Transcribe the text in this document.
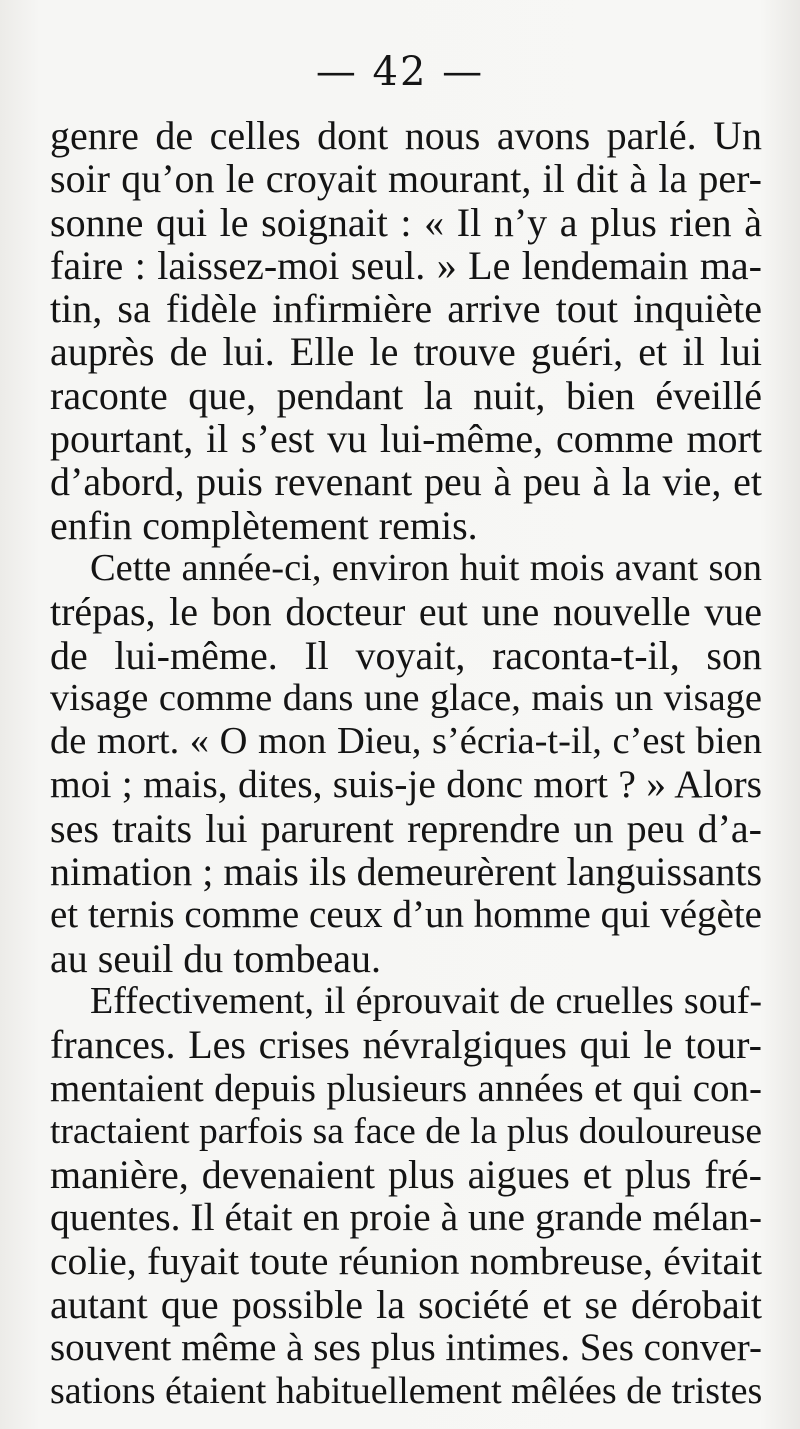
— 42 —
genre de celles dont nous avons parlé. Un
soir qu’on le croyait mourant, il dit à la per-
sonne qui le soignait : « Il n’y a plus rien à
faire : laissez-moi seul. » Le lendemain ma-
tin, sa fidèle infirmière arrive tout inquiète
auprès de lui. Elle le trouve guéri, et il lui
raconte que, pendant la nuit, bien éveillé
pourtant, il s’est vu lui-même, comme mort
d’abord, puis revenant peu à peu à la vie, et
enfin complètement remis.
Cette année-ci, environ huit mois avant son
trépas, le bon docteur eut une nouvelle vue
de lui-même. Il voyait, raconta-t-il, son
visage comme dans une glace, mais un visage
de mort. « O mon Dieu, s’écria-t-il, c’est bien
moi ; mais, dites, suis-je donc mort ? » Alors
ses traits lui parurent reprendre un peu d’a-
nimation ; mais ils demeurèrent languissants
et ternis comme ceux d’un homme qui végète
au seuil du tombeau.
Effectivement, il éprouvait de cruelles souf-
frances. Les crises névralgiques qui le tour-
mentaient depuis plusieurs années et qui con-
tractaient parfois sa face de la plus douloureuse
manière, devenaient plus aigues et plus fré-
quentes. Il était en proie à une grande mélan-
colie, fuyait toute réunion nombreuse, évitait
autant que possible la société et se dérobait
souvent même à ses plus intimes. Ses conver-
sations étaient habituellement mêlées de tristes
